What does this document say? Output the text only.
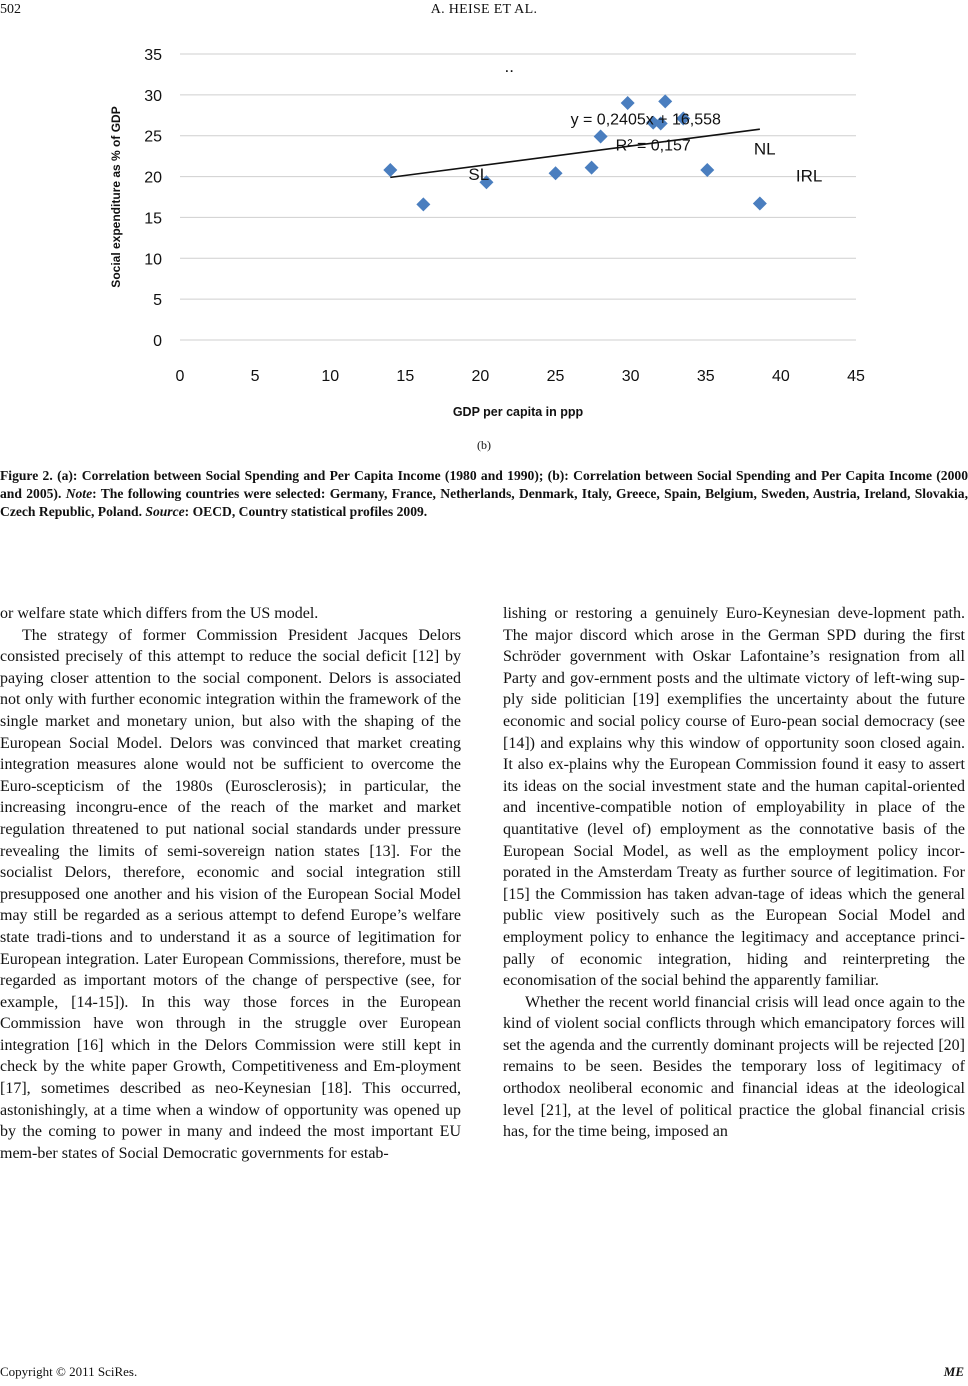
502	A. HEISE ET AL.
0
5
10
15
20
25
30
35
0	5	10	15	20	25	30	35	40	45
SL
NL
IRL
..
y = 0,2405x + 16,558
R² = 0,157
GDP per capita in ppp
Social expenditure as % of GDP
(b)
Figure 2. (a): Correlation between Social Spending and Per Capita Income (1980 and 1990); (b): Correlation between Social Spending and Per Capita Income (2000 and 2005). Note: The following countries were selected: Germany, France, Netherlands, Denmark, Italy, Greece, Spain, Belgium, Sweden, Austria, Ireland, Slovakia, Czech Republic, Poland. Source: OECD, Country statistical profiles 2009.

or welfare state which differs from the US model.

The strategy of former Commission President Jacques Delors consisted precisely of this attempt to reduce the social deficit [12] by paying closer attention to the social component. Delors is associated not only with further economic integration within the framework of the single market and monetary union, but also with the shaping of the European Social Model. Delors was convinced that market creating integration measures alone would not be sufficient to overcome the Euro-scepticism of the 1980s (Eurosclerosis); in particular, the increasing incongru-ence of the reach of the market and market regulation threatened to put national social standards under pressure revealing the limits of semi-sovereign nation states [13]. For the socialist Delors, therefore, economic and social integration still presupposed one another and his vision of the European Social Model may still be regarded as a serious attempt to defend Europe’s welfare state tradi-tions and to understand it as a source of legitimation for European integration. Later European Commissions, therefore, must be regarded as important motors of the change of perspective (see, for example, [14-15]). In this way those forces in the European Commission have won through in the struggle over European integration [16] which in the Delors Commission were still kept in check by the white paper Growth, Competitiveness and Em-ployment [17], sometimes described as neo-Keynesian [18]. This occurred, astonishingly, at a time when a window of opportunity was opened up by the coming to power in many and indeed the most important EU mem-ber states of Social Democratic governments for estab-

lishing or restoring a genuinely Euro-Keynesian deve-lopment path. The major discord which arose in the German SPD during the first Schröder government with Oskar Lafontaine’s resignation from all Party and gov-ernment posts and the ultimate victory of left-wing sup-ply side politician [19] exemplifies the uncertainty about the future economic and social policy course of Euro-pean social democracy (see [14]) and explains why this window of opportunity soon closed again. It also ex-plains why the European Commission found it easy to assert its ideas on the social investment state and the human capital-oriented and incentive-compatible notion of employability in place of the quantitative (level of) employment as the connotative basis of the European Social Model, as well as the employment policy incor-porated in the Amsterdam Treaty as further source of legitimation. For [15] the Commission has taken advan-tage of ideas which the general public view positively such as the European Social Model and employment policy to enhance the legitimacy and acceptance princi-pally of economic integration, hiding and reinterpreting the economisation of the social behind the apparently familiar.

Whether the recent world financial crisis will lead once again to the kind of violent social conflicts through which emancipatory forces will set the agenda and the currently dominant projects will be rejected [20] remains to be seen. Besides the temporary loss of legitimacy of orthodox neoliberal economic and financial ideas at the ideological level [21], at the level of political practice the global financial crisis has, for the time being, imposed an

Copyright © 2011 SciRes.	ME
